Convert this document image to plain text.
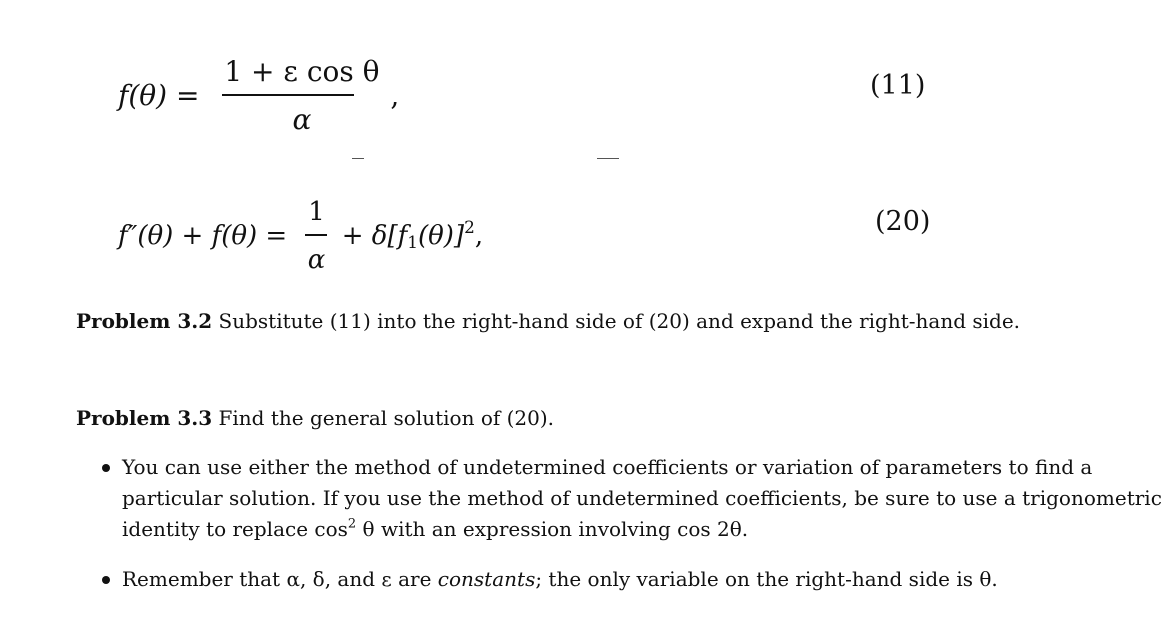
$f(\theta) = \frac{\text{1 + ε cos θ}}{\alpha}$ ,	(11)
$f''(\theta) + f(\theta) = \frac{1}{\alpha} + \delta[f_1(\theta)]^2$,	(20)
Problem 3.2 Substitute (11) into the right-hand side of (20) and expand the right-hand side.
Problem 3.3 Find the general solution of (20).
You can use either the method of undetermined coefficients or variation of parameters to find a
particular solution. If you use the method of undetermined coefficients, be sure to use a trigonometric
identity to replace $\cos^2 \theta$ with an expression involving cos 2θ.
Remember that α, δ, and ε are constants; the only variable on the right-hand side is θ.
